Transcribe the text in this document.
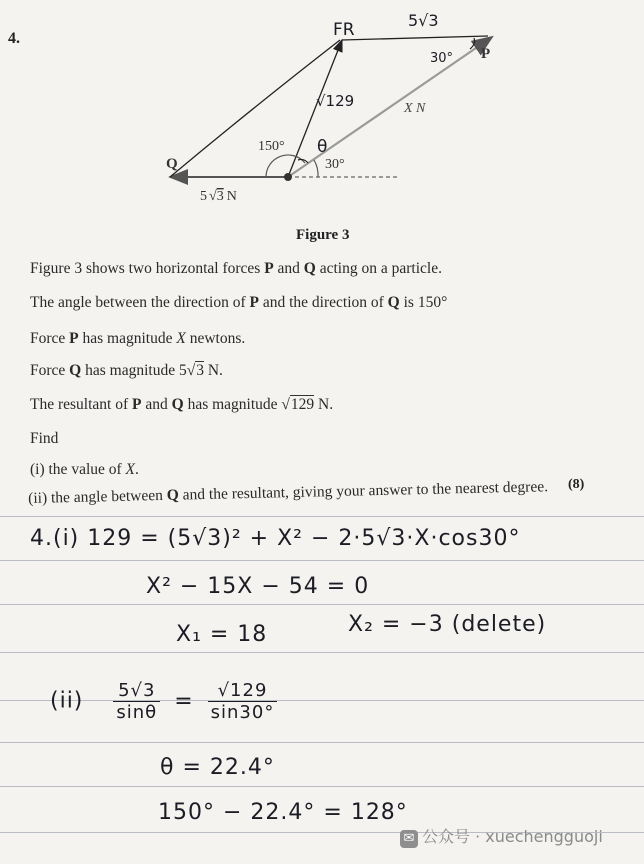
4.
Q
P
5 √3 N
X N
150°
30°
FR	5√3
30°
√129
θ
Figure 3
Figure 3 shows two horizontal forces P and Q acting on a particle.
The angle between the direction of P and the direction of Q is 150°
Force P has magnitude X newtons.
Force Q has magnitude 5√3 N.
The resultant of P and Q has magnitude √129 N.
Find
(i) the value of X.
(ii) the angle between Q and the resultant, giving your answer to the nearest degree. (8)
4.(i) 129 = (5√3)² + X² − 2·5√3·X·cos30°
X² − 15X − 54 = 0
X₁ = 18	X₂ = −3 (delete)
$(ii) \frac{5√3}{\sin\theta} = \frac{√129}{\sin 30^\circ}$
θ = 22.4°
150° − 22.4° = 128°
✉ 公众号 · xuechengguoji
